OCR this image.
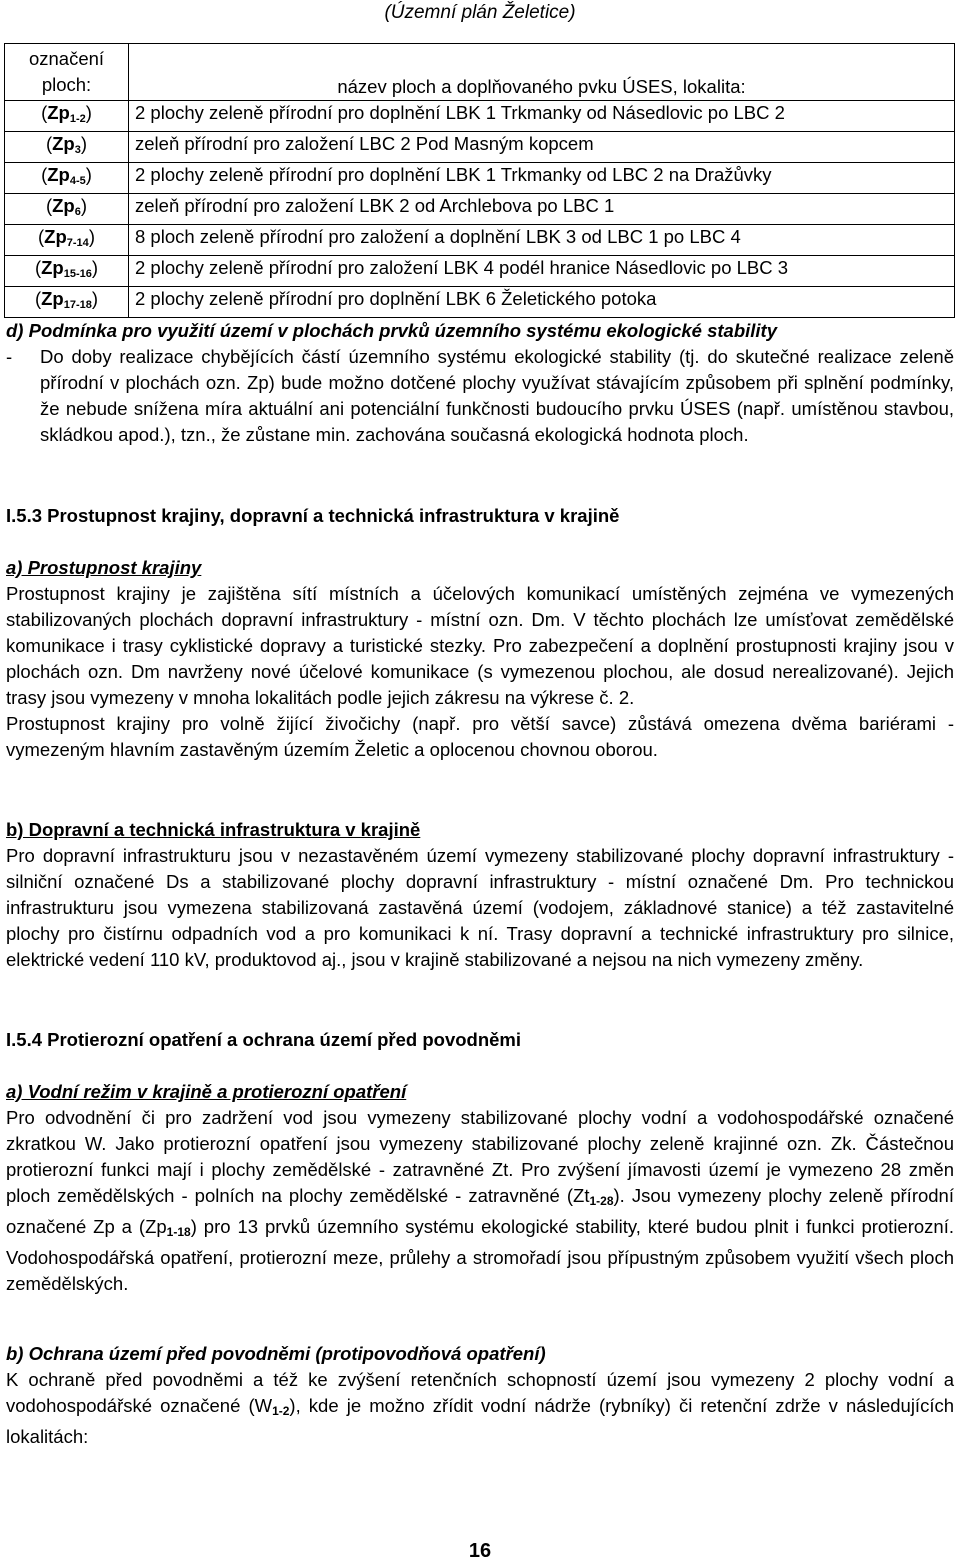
(Územní plán Želetice)
označení ploch:	název ploch a doplňovaného pvku ÚSES, lokalita:
$(Zp_{1-2})$	2 plochy zeleně přírodní pro doplnění LBK 1 Trkmanky od Násedlovic po LBC 2
$(Zp_3)$	zeleň přírodní pro založení LBC 2 Pod Masným kopcem
$(Zp_{4-5})$	2 plochy zeleně přírodní pro doplnění LBK 1 Trkmanky od LBC 2 na Dražůvky
$(Zp_6)$	zeleň přírodní pro založení LBK 2 od Archlebova po LBC 1
$(Zp_{7-14})$	8 ploch zeleně přírodní pro založení a doplnění LBK 3 od LBC 1 po LBC 4
$(Zp_{15-16})$	2 plochy zeleně přírodní pro založení LBK 4 podél hranice Násedlovic po LBC 3
$(Zp_{17-18})$	2 plochy zeleně přírodní pro doplnění LBK 6 Želetického potoka
d) Podmínka pro využití území v plochách prvků územního systému ekologické stability
-	Do doby realizace chybějících částí územního systému ekologické stability (tj. do skutečné realizace zeleně přírodní v plochách ozn. Zp) bude možno dotčené plochy využívat stávajícím způsobem při splnění podmínky, že nebude snížena míra aktuální ani potenciální funkčnosti budoucího prvku ÚSES (např. umístěnou stavbou, skládkou apod.), tzn., že zůstane min. zachována současná ekologická hodnota ploch.
I.5.3 Prostupnost krajiny, dopravní a technická infrastruktura v krajině
a) Prostupnost krajiny
Prostupnost krajiny je zajištěna sítí místních a účelových komunikací umístěných zejména ve vymezených stabilizovaných plochách dopravní infrastruktury - místní ozn. Dm. V těchto plochách lze umísťovat zemědělské komunikace i trasy cyklistické dopravy a turistické stezky. Pro zabezpečení a doplnění prostupnosti krajiny jsou v plochách ozn. Dm navrženy nové účelové komunikace (s vymezenou plochou, ale dosud nerealizované). Jejich trasy jsou vymezeny v mnoha lokalitách podle jejich zákresu na výkrese č. 2.
Prostupnost krajiny pro volně žijící živočichy (např. pro větší savce) zůstává omezena dvěma bariérami - vymezeným hlavním zastavěným územím Želetic a oplocenou chovnou oborou.
b) Dopravní a technická infrastruktura v krajině
Pro dopravní infrastrukturu jsou v nezastavěném území vymezeny stabilizované plochy dopravní infrastruktury - silniční označené Ds a stabilizované plochy dopravní infrastruktury - místní označené Dm. Pro technickou infrastrukturu jsou vymezena stabilizovaná zastavěná území (vodojem, základnové stanice) a též zastavitelné plochy pro čistírnu odpadních vod a pro komunikaci k ní. Trasy dopravní a technické infrastruktury pro silnice, elektrické vedení 110 kV, produktovod aj., jsou v krajině stabilizované a nejsou na nich vymezeny změny.
I.5.4 Protierozní opatření a ochrana území před povodněmi
a) Vodní režim v krajině a protierozní opatření
Pro odvodnění či pro zadržení vod jsou vymezeny stabilizované plochy vodní a vodohospodářské označené zkratkou W. Jako protierozní opatření jsou vymezeny stabilizované plochy zeleně krajinné ozn. Zk. Částečnou protierozní funkci mají i plochy zemědělské - zatravněné Zt. Pro zvýšení jímavosti území je vymezeno 28 změn ploch zemědělských - polních na plochy zemědělské - zatravněné $(Zt_{1-28})$. Jsou vymezeny plochy zeleně přírodní označené Zp a $(Zp_{1-18})$ pro 13 prvků územního systému ekologické stability, které budou plnit i funkci protierozní. Vodohospodářská opatření, protierozní meze, průlehy a stromořadí jsou přípustným způsobem využití všech ploch zemědělských.
b) Ochrana území před povodněmi (protipovodňová opatření)
K ochraně před povodněmi a též ke zvýšení retenčních schopností území jsou vymezeny 2 plochy vodní a vodohospodářské označené $(W_{1-2})$, kde je možno zřídit vodní nádrže (rybníky) či retenční zdrže v následujících lokalitách:
16
